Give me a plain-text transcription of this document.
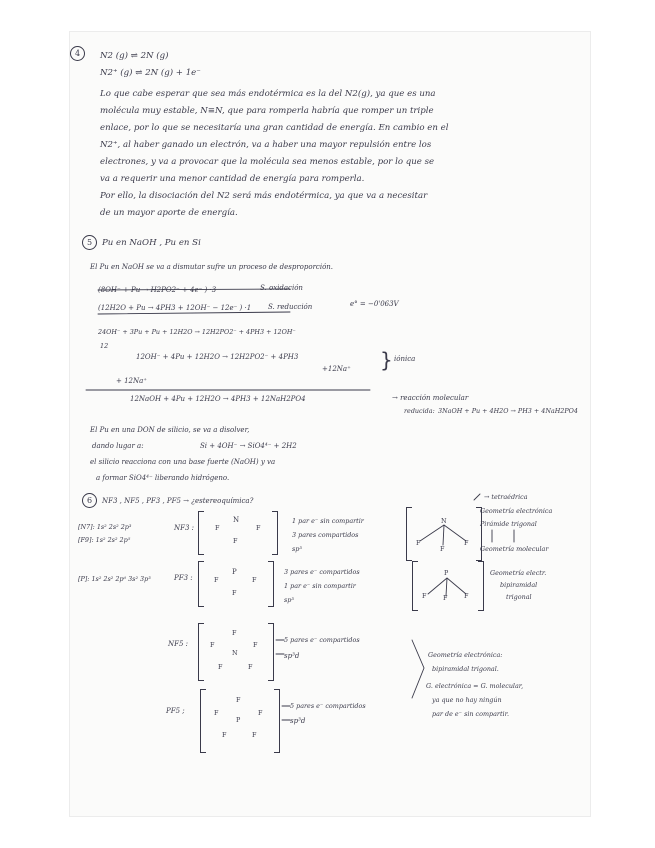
4	N2 (g) ⇌ 2N (g)
N2⁺ (g) ⇌ 2N (g) + 1e⁻
Lo que cabe esperar que sea más endotérmica es la del N2(g), ya que es una
molécula muy estable, N≡N, que para romperla habría que romper un triple
enlace, por lo que se necesitaría una gran cantidad de energía. En cambio en el
N2⁺, al haber ganado un electrón, va a haber una mayor repulsión entre los
electrones, y va a provocar que la molécula sea menos estable, por lo que se
va a requerir una menor cantidad de energía para romperla.
Por ello, la disociación del N2 será más endotérmica, ya que va a necesitar
de un mayor aporte de energía.
5	Pu en NaOH , Pu en Si
El Pu en NaOH se va a dismutar sufre un proceso de desproporción.
(8OH⁻ + Pu → H2PO2⁻ + 4e⁻ ) ·3	S. oxidación
(12H2O + Pu → 4PH3 + 12OH⁻ − 12e⁻ ) ·1 S. reducción	e° = −0'063V
24OH⁻ + 3Pu + Pu + 12H2O → 12H2PO2⁻ + 4PH3 + 12OH⁻
12
12OH⁻ + 4Pu + 12H2O → 12H2PO2⁻ + 4PH3
+12Na⁺ } iónica
+ 12Na⁺
12NaOH + 4Pu + 12H2O → 4PH3 + 12NaH2PO4	→ reacción molecular
reducida: 3NaOH + Pu + 4H2O → PH3 + 4NaH2PO4
El Pu en una DON de silicio, se va a disolver,
dando lugar a:	Si + 4OH⁻ → SiO4⁴⁻ + 2H2
el silicio reacciona con una base fuerte (NaOH) y va
a formar SiO4⁴⁻ liberando hidrógeno.
6	NF3 , NF5 , PF3 , PF5 → ¿estereoquímica?
[N7]: 1s² 2s² 2p³
[F9]: 1s² 2s² 2p⁵
[P]: 1s² 2s² 2p⁶ 3s² 3p³
NF3 :
N
F	F
F
1 par e⁻ sin compartir
3 pares compartidos
sp³
N
F
F
F
→ tetraédrica
Geometría electrónica
Pirámide trigonal
Geometría molecular
PF3 :
P
F	F
F
3 pares e⁻ compartidos
1 par e⁻ sin compartir
sp³
P
F	F	F
Geometría electr.
bipiramidal
trigonal
NF5 :
N
F	F
F
F	F
5 pares e⁻ compartidos
sp³d
PF5 ;
P
F	F
F
F	F
5 pares e⁻ compartidos
sp³d
Geometría electrónica:
bipiramidal trigonal.
G. electrónica = G. molecular,
ya que no hay ningún
par de e⁻ sin compartir.
